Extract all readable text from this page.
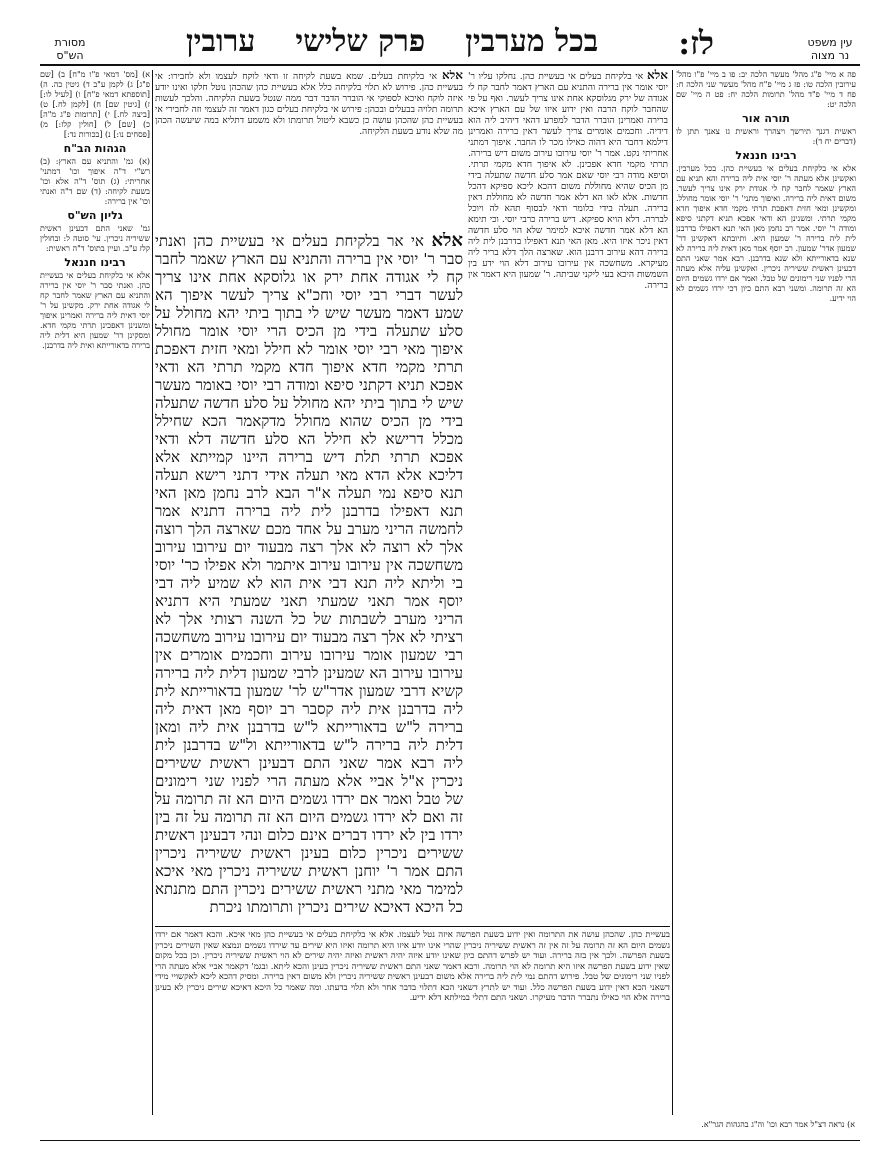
מסורת
הש"ס	לז:
בכל מערבין
פרק שלישי
ערובין	עין משפט
נר מצוה

א) [מס' דמאי פ"ו מ"ח] ב) [שם פ"ג] ג) לקמן ע"ב ד) גיטין כה. ה) [תוספתא דמאי פ"ח] ו) [לעיל לו:] ז) [גיטין שם] ח) [לקמן לח.] ט) [ביצה לח.] י) [תרומות פ"ג מ"ה] כ) [שם] ל) [חולין קלז:] מ) [פסחים נו:] נ) [בכורות נד:]

הגהות הב"ח

(א) גמ' והתניא עם הארץ: (ב) רש"י ד"ה איפוך וכו' דמתני' אחריתי: (ג) תוס' ד"ה אלא וכו' בשעת לקיחה: (ד) שם ד"ה ואנתי וכו' אין ברירה:

גליון הש"ס

גמ' שאני התם דבעינן ראשית ששיריה ניכרין. עי' סוטה ל: ובחולין קלז ע"ב. ועיין בתוס' ד"ה ראשית:

רבינו חננאל

אלא אי בלקיחת בעלים אי בעשיית כהן. ואנתי סבר ר' יוסי אין ברירה והתניא עם הארץ שאמר לחבר קח לי אגודה אחת ירק. מקשינן על ר' יוסי דאית ליה ברירה ואמרינן איפוך ומשנינן דאפכינן תרתי מקמי חדא. ומסקינן דר' שמעון היא דלית ליה ברירה בדאורייתא ואית ליה בדרבנן.

אלא אי בלקיחת בעלים. שמא בשעת לקיחה זו ודאי לוקח לעצמו ולא לחבירו: אי בעשיית כהן. פירוש לא תלוי בלקיחה כלל אלא בעשיית כהן שהכהן נוטל חלקו ואינו יודע איזה לוקח ואיכא לספוקי אי הוברר הדבר דבר ממה שנטל בשעת הלקיחה. והלכך לעשות תרומה תלויה בבעלים ובכהן: פירוש אי בלקיחת בעלים כגון דאמר זה לעצמי וזה לחבירי אי בעשיית כהן שהכהן עושה כן כשבא ליטול תרומתו ולא משמע דתליא במה שיעשה הכהן מה שלא נודע בשעת הלקיחה.

אלא אי אר בלקיחת בעלים אי בעשיית כהן ואנתי סבר ר' יוסי אין ברירה והתניא עם הארץ שאמר לחבר קח לי אגודה אחת ירק או גלוסקא אחת אינו צריך לעשר דברי רבי יוסי וחכ"א צריך לעשר איפוך הא שמע דאמר מעשר שיש לי בתוך ביתי יהא מחולל על סלע שתעלה בידי מן הכיס הרי יוסי אומר מחולל איפוך מאי רבי יוסי אומר לא חילל ומאי חזית דאפכת תרתי מקמי חדא איפוך חדא מקמי תרתי הא ודאי אפכא תניא דקתני סיפא ומודה רבי יוסי באומר מעשר שיש לי בתוך ביתי יהא מחולל על סלע חדשה שתעלה בידי מן הכיס שהוא מחולל מדקאמר הכא שחילל מכלל דרישא לא חילל הא סלע חדשה דלא ודאי אפכא תרתי תלת דיש ברירה היינו קמייתא אלא דליכא אלא הדא מאי תעלה אידי דתני רישא תעלה תנא סיפא נמי תעלה א"ר הבא לרב נחמן מאן האי תנא דאפילו בדרבנן לית ליה ברירה דתניא אמר לחמשה הריני מערב על אחד מכם שארצה הלך רוצה אלך לא רוצה לא אלך רצה מבעוד יום עירובו עירוב משחשכה אין עירובו עירוב איתמר ולא אפילו כר' יוסי בי וליתא ליה תנא דבי אית הוא לא שמיע ליה דבי יוסף אמר תאני שמעתי תאני שמעתי היא דתניא הריני מערב לשבתות של כל השנה רצותי אלך לא רציתי לא אלך רצה מבעוד יום עירובו עירוב משחשכה רבי שמעון אומר עירובו עירוב וחכמים אומרים אין עירובו עירוב הא שמעינן לרבי שמעון דלית ליה ברירה קשיא דרבי שמעון אדר"ש לר' שמעון בדאורייתא לית ליה בדרבנן אית ליה קסבר רב יוסף מאן דאית ליה ברירה ל"ש בדאורייתא ל"ש בדרבנן אית ליה ומאן דלית ליה ברירה ל"ש בדאורייתא ול"ש בדרבנן לית ליה רבא אמר שאני התם דבעינן ראשית ששירים ניכרין א"ל אביי אלא מעתה הרי לפניו שני רימונים של טבל ואמר אם ירדו גשמים היום הא זה תרומה על זה ואם לא ירדו גשמים היום הא זה תרומה על זה בין ירדו בין לא ירדו דברים אינם כלום ונהי דבעינן ראשית ששירים ניכרין כלום בעינן ראשית ששיריה ניכרין התם אמר ר' יוחנן ראשית ששיריה ניכרין מאי איכא למימר מאי מתני ראשית ששירים ניכרין התם מתנתא כל היכא דאיכא שירים ניכרין ותרומתו ניכרת

אלא אי בלקיחת בעלים אי בעשיית כהן. נחלקו עליו ר' יוסי אומר אין ברירה והתניא עם הארץ דאמר לחבר קח לי אגודה של ירק מגלוסקא אחת אינו צריך לעשר. ואף על פי שהחבר לוקח הרבה ואין ידוע איזו של עם הארץ איכא ברירה ואמרינן הוברר הדבר למפרע דהאי דיהיב ליה הוא דידיה. וחכמים אומרים צריך לעשר דאין ברירה ואמרינן דילמא דחבר היא דהוה כאילו מכר לו החבר. איפוך דמתני אחריתי נקט. אמר ר' יוסי עירובו עירוב משום דיש ברירה. תרתי מקמי חדא אפכינן. לא איפוך חדא מקמי תרתי. וסיפא מודה רבי יוסי שאם אמר סלע חדשה שתעלה בידי מן הכיס שהיא מחוללת משום דהכא ליכא ספיקא דהכל חדשות. אלא לאו הא דלא אמר חדשה לא מחוללת דאין ברירה. תעלה בידי כלומר ודאי לבסוף תהא לה ויוכל לבררה. דלא הויא ספיקא. דיש ברירה כרבי יוסי. וכי תימא הא דלא אמר חדשה איכא למימר שלא הוי סלע חדשה דאין ניכר איזו היא. מאן האי תנא דאפילו בדרבנן לית ליה ברירה דהא עירוב דרבנן הוא. שארצה הלך דלא בריר ליה מעיקרא. משחשכה אין עירובו עירוב דלא הוי ידע בין השמשות היכא בעי ליקני שביתה. ר' שמעון היא דאמר אין ברירה.

פה א מיי' פ"ג מהל' מעשר הלכה יב: פו ב מיי' פ"ו מהל' עירובין הלכה טו: פז ג מיי' פ"ח מהל' מעשר שני הלכה ח: פח ד מיי' פ"ד מהל' תרומות הלכה יח: פט ה מיי' שם הלכה יט:

תורה אור

ראשית דגנך תירשך ויצהרך וראשית גז צאנך תתן לו (דברים יח ד):

רבינו חננאל

אלא אי בלקיחת בעלים אי בעשיית כהן. בכל מערבין. ואקשינן אלא מעתה ר' יוסי אית ליה ברירה והא תניא עם הארץ שאמר לחבר קח לי אגודת ירק אינו צריך לעשר. משום דאית ליה ברירה. ואיפוך מתני' ר' יוסי אומר מחולל. ומקשינן ומאי חזית דאפכת תרתי מקמי חדא איפוך חדא מקמי תרתי. ומשנינן הא ודאי אפכא תניא דקתני סיפא ומודה ר' יוסי. אמר רב נחמן מאן האי תנא דאפילו בדרבנן לית ליה ברירה ר' שמעון היא. ותיובתא דאקשינן דר' שמעון אדר' שמעון. רב יוסף אמר מאן דאית ליה ברירה לא שנא בדאורייתא ולא שנא בדרבנן. רבא אמר שאני התם דבעינן ראשית ששיריה ניכרין. ואקשינן עליה אלא מעתה הרי לפניו שני רימונים של טבל. ואמר אם ירדו גשמים היום הא זה תרומה. ומשני רבא התם כיון דכי ירדו גשמים לא הוי ידיע.

בעשיית כהן. שהכהן עושה את התרומה ואין ידוע בשעת הפרשה איזה נטל לעצמו. אלא אי בלקיחת בעלים אי בעשיית כהן מאי איכא. והכא דאמר אם ירדו גשמים היום הא זה תרומה על זה אין זה ראשית ששיריה ניכרין שהרי אינו יודע איזו היא תרומה ואיזו היא שירים עד שירדו גשמים ונמצא שאין השירים ניכרין בשעת הפרשה. ולכך אין בזה ברירה. ועוד יש לפרש דהתם כיון שאינו יודע איזה יהיה ראשית ואיזה יהיה שירים לא הוי ראשית ששיריה ניכרין. וכן בכל מקום שאין ידוע בשעת הפרשה איזו היא תרומה לא הוי תרומה. ורבא דאמר שאני התם ראשית ששיריה ניכרין בעינן והכא ליתא. ובגמ' דקאמר אביי אלא מעתה הרי לפניו שני רימונים של טבל. פירוש דהתם נמי לית ליה ברירה אלא משום דבעינן ראשית ששיריה ניכרין ולא משום דאין ברירה. ומסיק דהכא ליכא לאקשויי מידי דשאני הכא דאין ידוע בשעת הפרשה כלל. ועוד יש לתרץ דשאני הכא דתלוי בדבר אחר ולא תלוי בדעתו. ומה שאמר כל היכא דאיכא שירים ניכרין לא בעינן ברירה אלא הוי כאילו נתברר הדבר מעיקרו. ושאני התם דתלי במילתא דלא ידיע.

א) נראה דצ"ל אמר רבא וכו' וה"ג בהגהות הגר"א.
